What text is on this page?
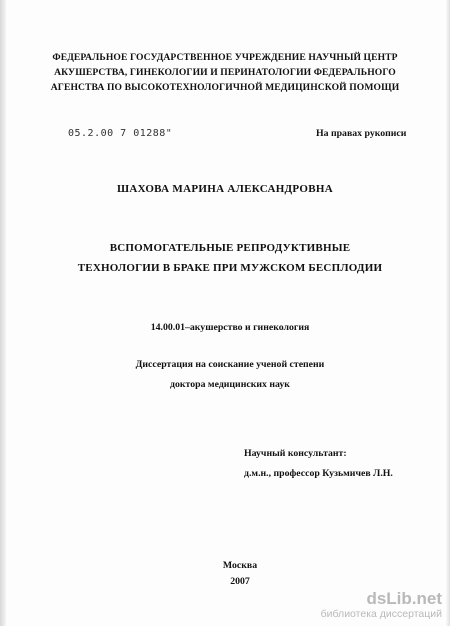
ФЕДЕРАЛЬНОЕ ГОСУДАРСТВЕННОЕ УЧРЕЖДЕНИЕ НАУЧНЫЙ ЦЕНТР
АКУШЕРСТВА, ГИНЕКОЛОГИИ И ПЕРИНАТОЛОГИИ ФЕДЕРАЛЬНОГО
АГЕНСТВА ПО ВЫСОКОТЕХНОЛОГИЧНОЙ МЕДИЦИНСКОЙ ПОМОЩИ
05.2.00 7 01288"	На правах рукописи
ШАХОВА МАРИНА АЛЕКСАНДРОВНА
ВСПОМОГАТЕЛЬНЫЕ РЕПРОДУКТИВНЫЕ
ТЕХНОЛОГИИ В БРАКЕ ПРИ МУЖСКОМ БЕСПЛОДИИ
14.00.01–акушерство и гинекология
Диссертация на соискание ученой степени
доктора медицинских наук
Научный консультант:
д.м.н., профессор Кузьмичев Л.Н.
Москва
2007
dsLib.net
библиотека диссертаций
